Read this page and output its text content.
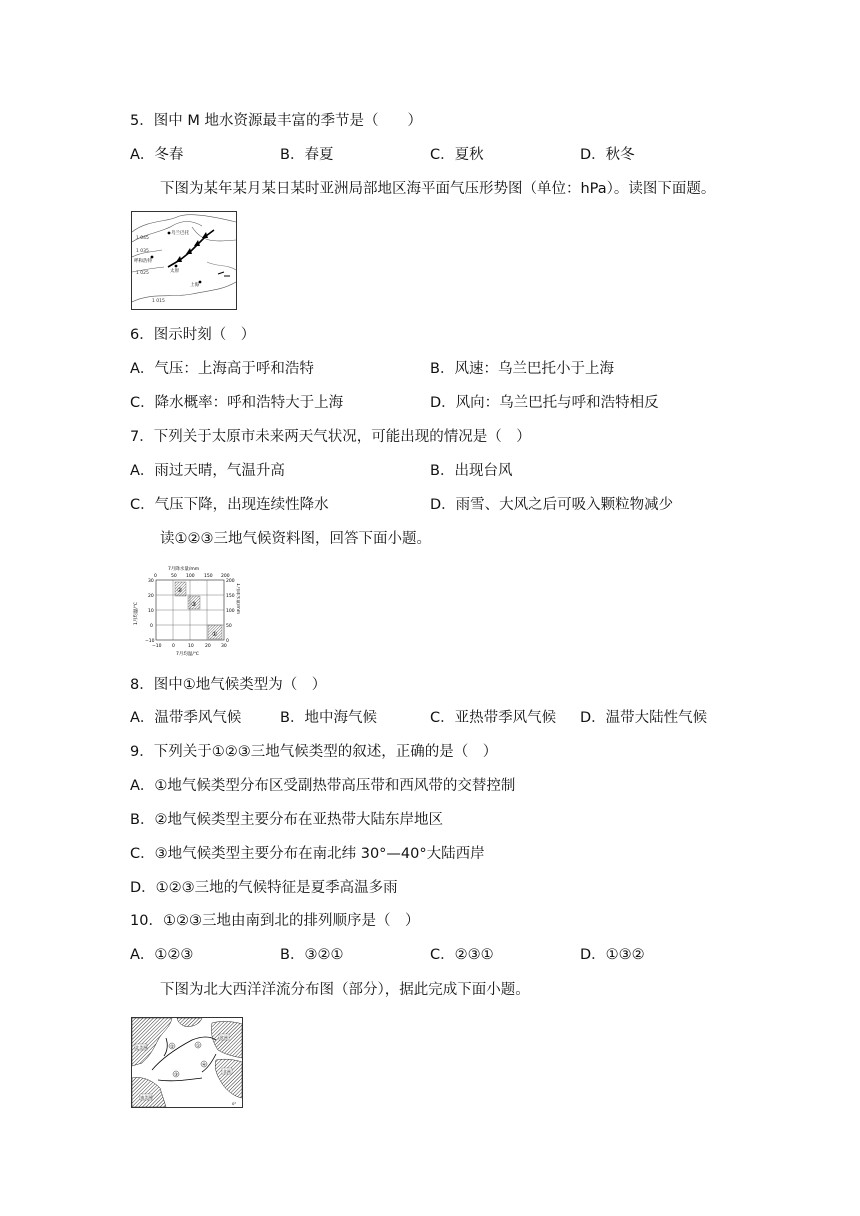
5．图中 M 地水资源最丰富的季节是（　　）
A．冬春	B．春夏	C．夏秋	D．秋冬
下图为某年某月某日某时亚洲局部地区海平面气压形势图（单位：hPa）。读图下面题。
1 045
1 035
1 025
1 015
乌兰巴托
呼和浩特
太原
上海
6．图示时刻（　）
A．气压：上海高于呼和浩特	B．风速：乌兰巴托小于上海
C．降水概率：呼和浩特大于上海	D．风向：乌兰巴托与呼和浩特相反
7．下列关于太原市未来两天气状况，可能出现的情况是（　）
A．雨过天晴，气温升高	B．出现台风
C．气压下降，出现连续性降水	D．雨雪、大风之后可吸入颗粒物减少
读①②③三地气候资料图，回答下面小题。
7月降水量/mm
0	50 100 150 200
②
③
①
30
20
10
0
−10
1月均温/℃
200
150
100
50
0
1月降水量/mm
−10 0	10	20 30
7月均温/℃
8．图中①地气候类型为（　）
A．温带季风气候	B．地中海气候	C．亚热带季风气候 D．温带大陆性气候
9．下列关于①②③三地气候类型的叙述，正确的是（　）
A．①地气候类型分布区受副热带高压带和西风带的交替控制
B．②地气候类型主要分布在亚热带大陆东岸地区
C．③地气候类型主要分布在南北纬 30°—40°大陆西岸
D．①②③三地的气候特征是夏季高温多雨
10．①②③三地由南到北的排列顺序是（　）
A．①②③	B．③②①	C．②③①	D．①③②
下图为北大西洋洋流分布图（部分），据此完成下面小题。
北美洲
欧洲
非洲
南美洲
0°
①
②
③
④
